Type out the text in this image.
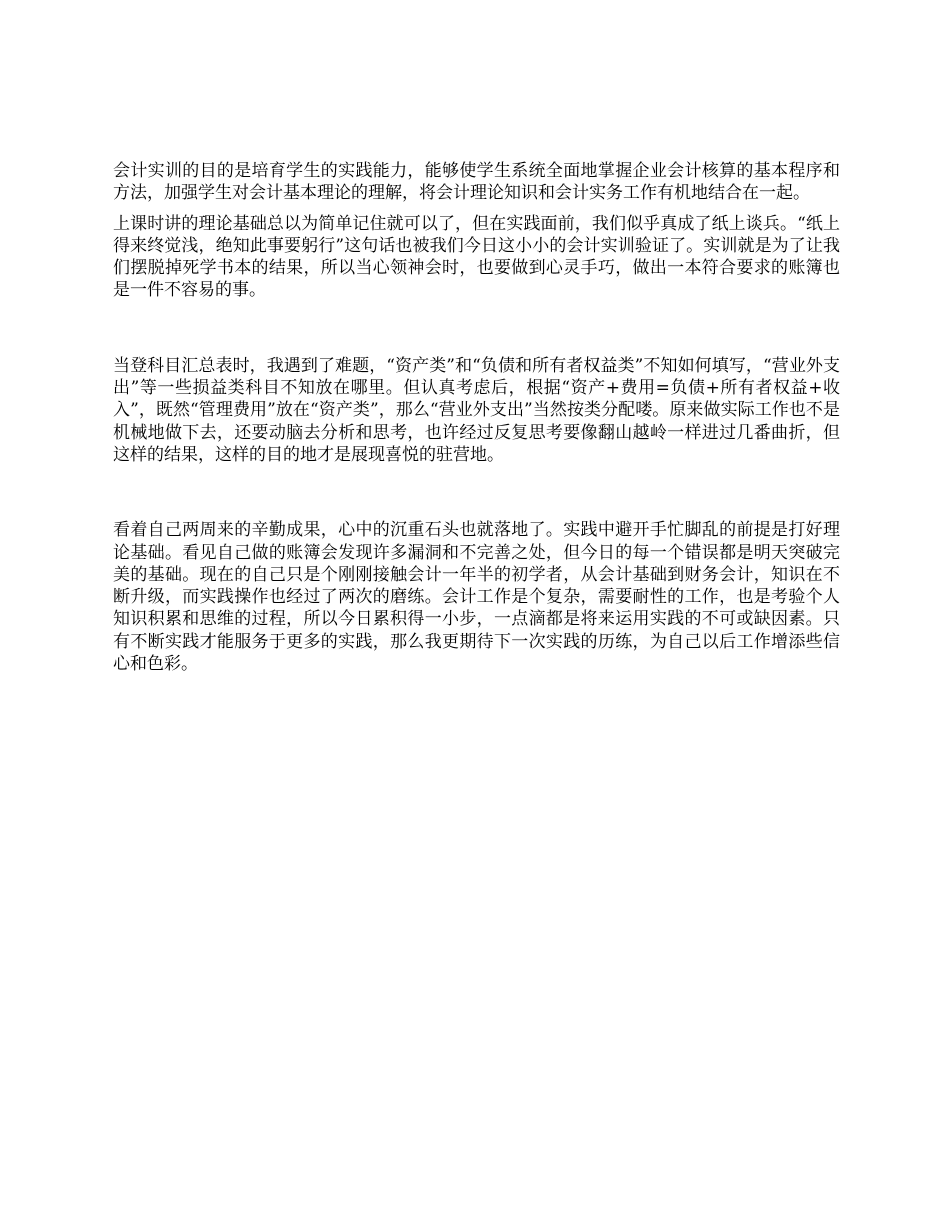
会计实训的目的是培育学生的实践能力，能够使学生系统全面地掌握企业会计核算的基本程序和方法，加强学生对会计基本理论的理解，将会计理论知识和会计实务工作有机地结合在一起。

上课时讲的理论基础总以为简单记住就可以了，但在实践面前，我们似乎真成了纸上谈兵。“纸上得来终觉浅，绝知此事要躬行”这句话也被我们今日这小小的会计实训验证了。实训就是为了让我们摆脱掉死学书本的结果，所以当心领神会时，也要做到心灵手巧，做出一本符合要求的账簿也是一件不容易的事。

当登科目汇总表时，我遇到了难题，“资产类”和“负债和所有者权益类”不知如何填写，“营业外支出”等一些损益类科目不知放在哪里。但认真考虑后，根据“资产+费用=负债+所有者权益+收入”，既然“管理费用”放在“资产类”，那么“营业外支出”当然按类分配喽。原来做实际工作也不是机械地做下去，还要动脑去分析和思考，也许经过反复思考要像翻山越岭一样进过几番曲折，但这样的结果，这样的目的地才是展现喜悦的驻营地。

看着自己两周来的辛勤成果，心中的沉重石头也就落地了。实践中避开手忙脚乱的前提是打好理论基础。看见自己做的账簿会发现许多漏洞和不完善之处，但今日的每一个错误都是明天突破完美的基础。现在的自己只是个刚刚接触会计一年半的初学者，从会计基础到财务会计，知识在不断升级，而实践操作也经过了两次的磨练。会计工作是个复杂，需要耐性的工作，也是考验个人知识积累和思维的过程，所以今日累积得一小步，一点滴都是将来运用实践的不可或缺因素。只有不断实践才能服务于更多的实践，那么我更期待下一次实践的历练，为自己以后工作增添些信心和色彩。
